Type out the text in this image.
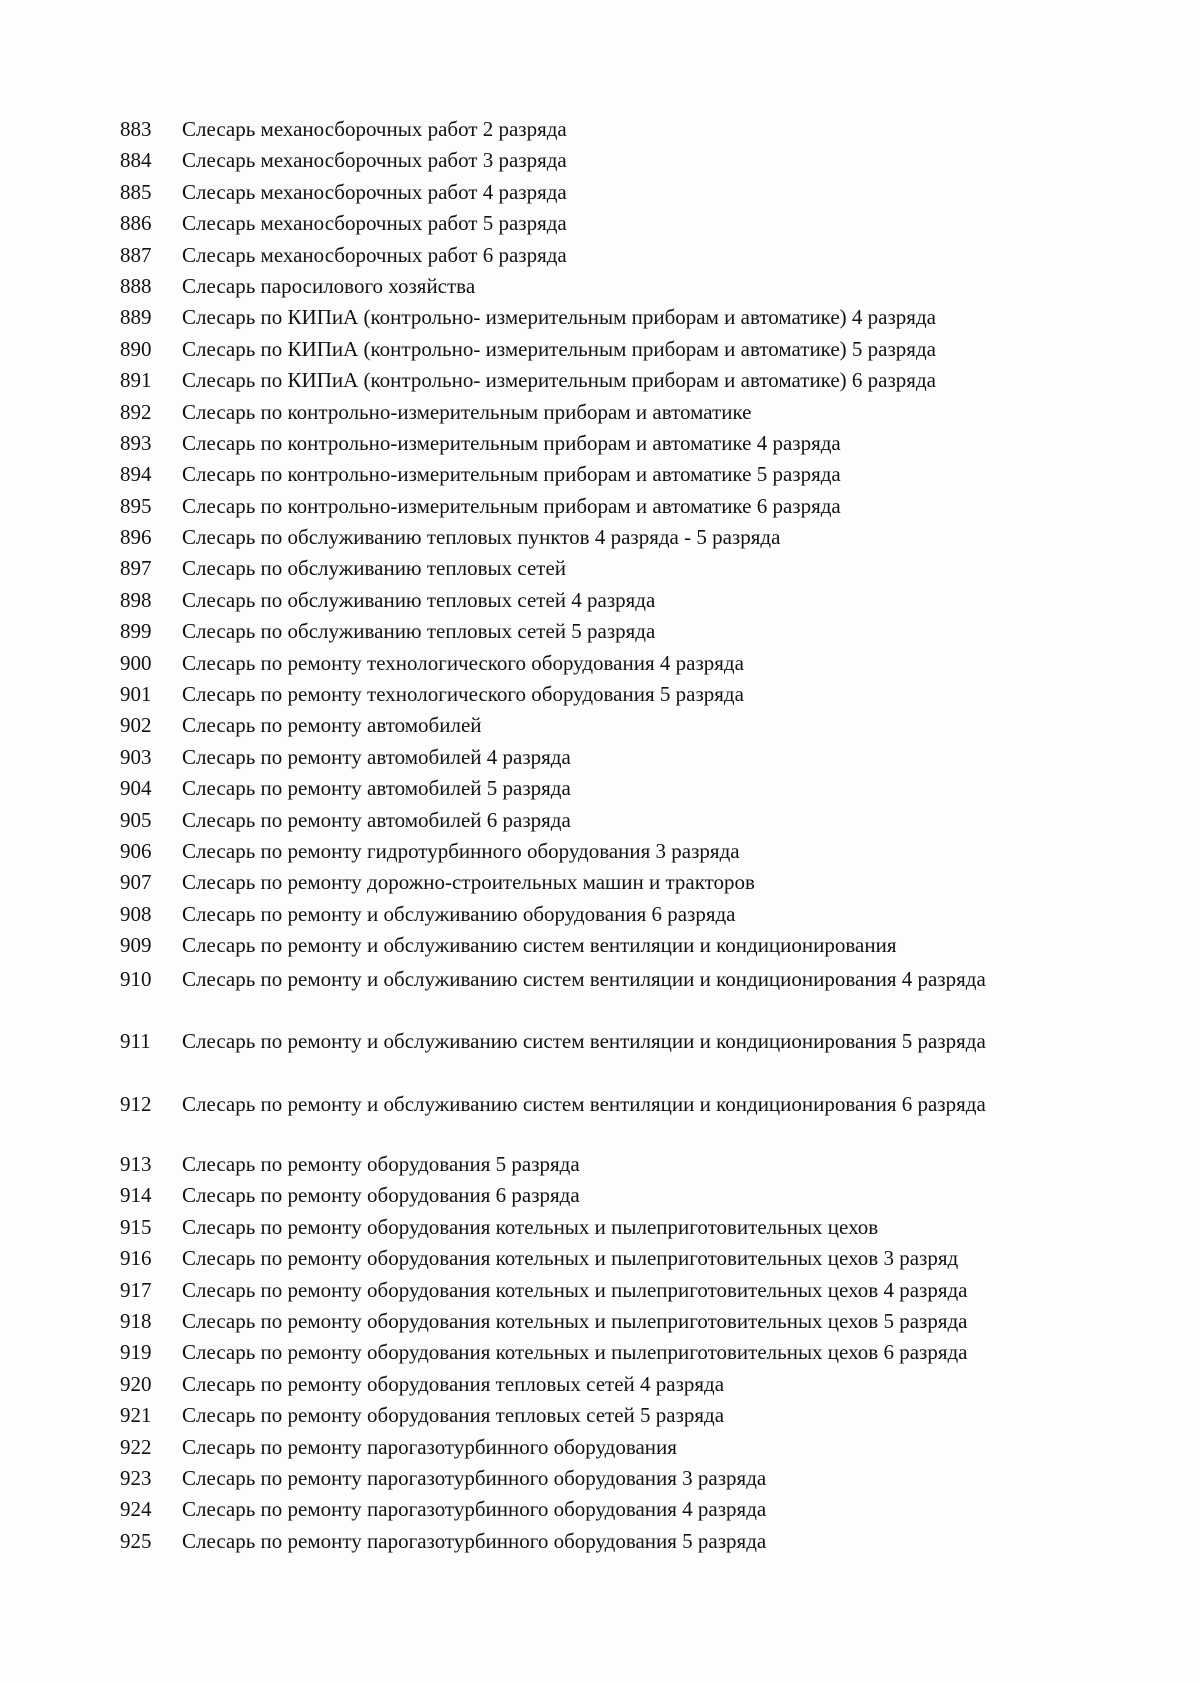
883	Слесарь механосборочных работ 2 разряда
884	Слесарь механосборочных работ 3 разряда
885	Слесарь механосборочных работ 4 разряда
886	Слесарь механосборочных работ 5 разряда
887	Слесарь механосборочных работ 6 разряда
888	Слесарь паросилового хозяйства
889	Слесарь по КИПиА (контрольно- измерительным приборам и автоматике) 4 разряда
890	Слесарь по КИПиА (контрольно- измерительным приборам и автоматике) 5 разряда
891	Слесарь по КИПиА (контрольно- измерительным приборам и автоматике) 6 разряда
892	Слесарь по контрольно-измерительным приборам и автоматике
893	Слесарь по контрольно-измерительным приборам и автоматике 4 разряда
894	Слесарь по контрольно-измерительным приборам и автоматике 5 разряда
895	Слесарь по контрольно-измерительным приборам и автоматике 6 разряда
896	Слесарь по обслуживанию тепловых пунктов 4 разряда - 5 разряда
897	Слесарь по обслуживанию тепловых сетей
898	Слесарь по обслуживанию тепловых сетей 4 разряда
899	Слесарь по обслуживанию тепловых сетей 5 разряда
900	Слесарь по ремонту технологического оборудования 4 разряда
901	Слесарь по ремонту технологического оборудования 5 разряда
902	Слесарь по ремонту автомобилей
903	Слесарь по ремонту автомобилей 4 разряда
904	Слесарь по ремонту автомобилей 5 разряда
905	Слесарь по ремонту автомобилей 6 разряда
906	Слесарь по ремонту гидротурбинного оборудования 3 разряда
907	Слесарь по ремонту дорожно-строительных машин и тракторов
908	Слесарь по ремонту и обслуживанию оборудования 6 разряда
909	Слесарь по ремонту и обслуживанию систем вентиляции и кондиционирования
910	Слесарь по ремонту и обслуживанию систем вентиляции и кондиционирования 4 разряда
911	Слесарь по ремонту и обслуживанию систем вентиляции и кондиционирования 5 разряда
912	Слесарь по ремонту и обслуживанию систем вентиляции и кондиционирования 6 разряда
913	Слесарь по ремонту оборудования 5 разряда
914	Слесарь по ремонту оборудования 6 разряда
915	Слесарь по ремонту оборудования котельных и пылеприготовительных цехов
916	Слесарь по ремонту оборудования котельных и пылеприготовительных цехов 3 разряд
917	Слесарь по ремонту оборудования котельных и пылеприготовительных цехов 4 разряда
918	Слесарь по ремонту оборудования котельных и пылеприготовительных цехов 5 разряда
919	Слесарь по ремонту оборудования котельных и пылеприготовительных цехов 6 разряда
920	Слесарь по ремонту оборудования тепловых сетей 4 разряда
921	Слесарь по ремонту оборудования тепловых сетей 5 разряда
922	Слесарь по ремонту парогазотурбинного оборудования
923	Слесарь по ремонту парогазотурбинного оборудования 3 разряда
924	Слесарь по ремонту парогазотурбинного оборудования 4 разряда
925	Слесарь по ремонту парогазотурбинного оборудования 5 разряда
